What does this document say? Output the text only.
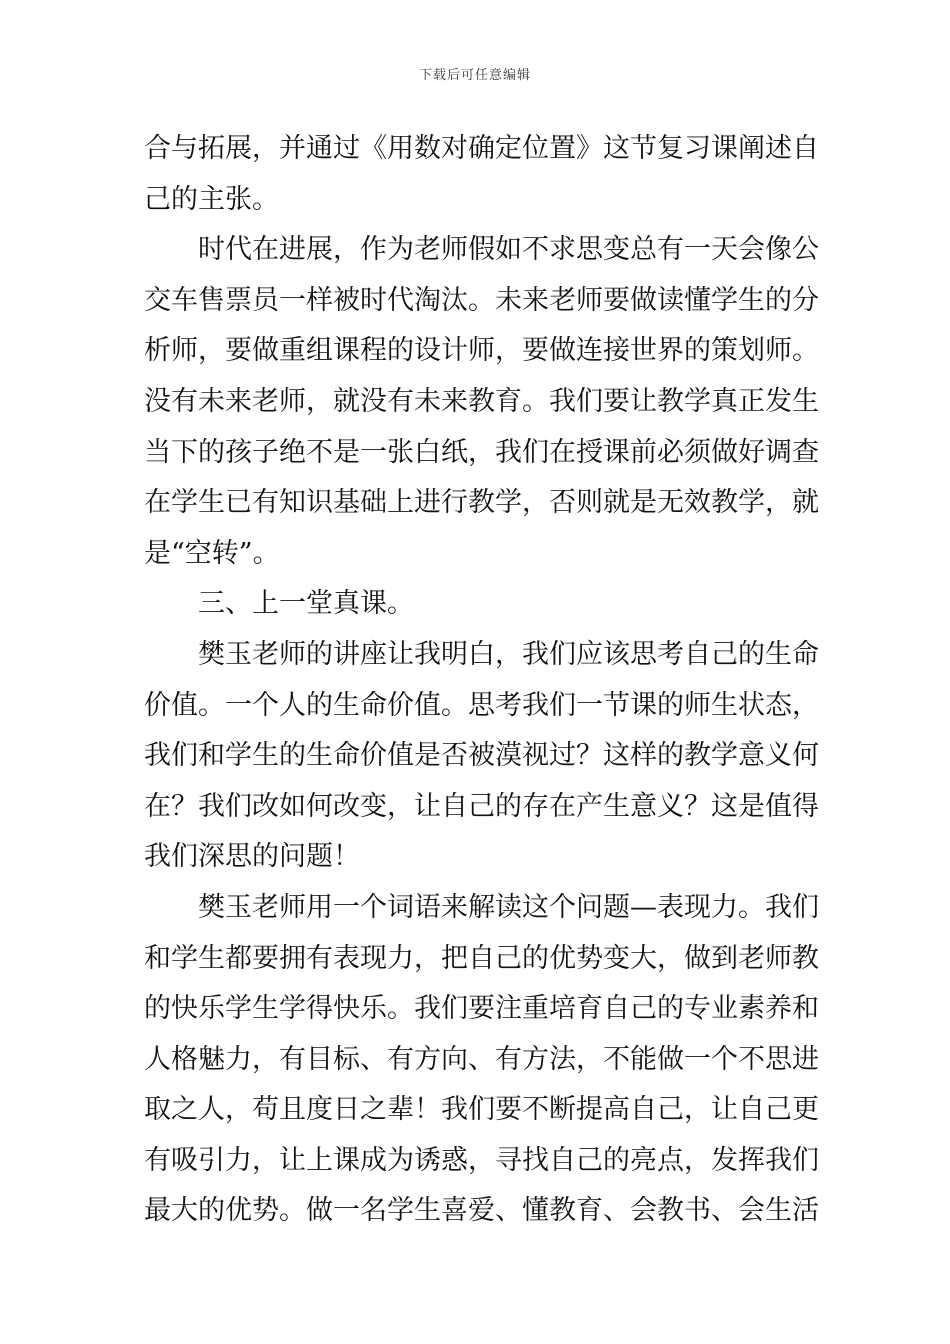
下载后可任意编辑
合与拓展，并通过《用数对确定位置》这节复习课阐述自
己的主张。
时代在进展，作为老师假如不求思变总有一天会像公
交车售票员一样被时代淘汰。未来老师要做读懂学生的分
析师，要做重组课程的设计师，要做连接世界的策划师。
没有未来老师，就没有未来教育。我们要让教学真正发生
当下的孩子绝不是一张白纸，我们在授课前必须做好调查
在学生已有知识基础上进行教学，否则就是无效教学，就
是“空转”。
三、上一堂真课。
樊玉老师的讲座让我明白，我们应该思考自己的生命
价值。一个人的生命价值。思考我们一节课的师生状态，
我们和学生的生命价值是否被漠视过？这样的教学意义何
在？我们改如何改变，让自己的存在产生意义？这是值得
我们深思的问题！
樊玉老师用一个词语来解读这个问题—表现力。我们
和学生都要拥有表现力，把自己的优势变大，做到老师教
的快乐学生学得快乐。我们要注重培育自己的专业素养和
人格魅力，有目标、有方向、有方法，不能做一个不思进
取之人，苟且度日之辈！我们要不断提高自己，让自己更
有吸引力，让上课成为诱惑，寻找自己的亮点，发挥我们
最大的优势。做一名学生喜爱、懂教育、会教书、会生活
